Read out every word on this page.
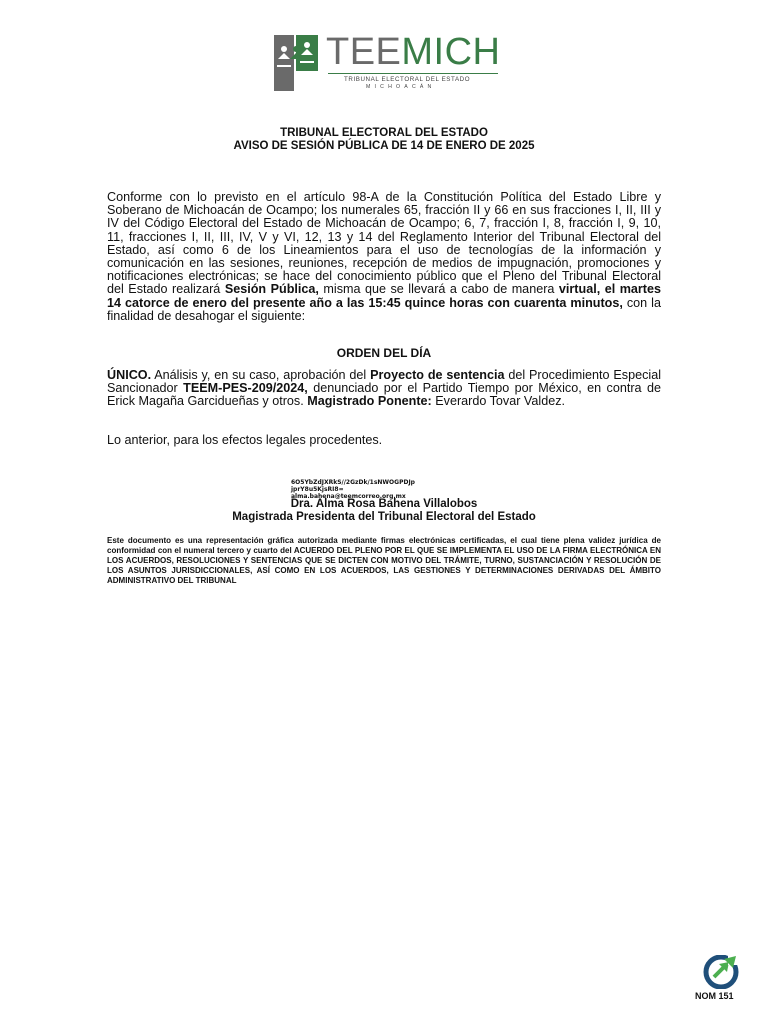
TEEMICH
TRIBUNAL ELECTORAL DEL ESTADO
MICHOACÁN
TRIBUNAL ELECTORAL DEL ESTADO
AVISO DE SESIÓN PÚBLICA DE 14 DE ENERO DE 2025
Conforme con lo previsto en el artículo 98-A de la Constitución Política del Estado Libre y Soberano de Michoacán de Ocampo; los numerales 65, fracción II y 66 en sus fracciones I, II, III y IV del Código Electoral del Estado de Michoacán de Ocampo; 6, 7, fracción I, 8, fracción I, 9, 10, 11, fracciones I, II, III, IV, V y VI, 12, 13 y 14 del Reglamento Interior del Tribunal Electoral del Estado, así como 6 de los Lineamientos para el uso de tecnologías de la información y comunicación en las sesiones, reuniones, recepción de medios de impugnación, promociones y notificaciones electrónicas; se hace del conocimiento público que el Pleno del Tribunal Electoral del Estado realizará Sesión Pública, misma que se llevará a cabo de manera virtual, el martes 14 catorce de enero del presente año a las 15:45 quince horas con cuarenta minutos, con la finalidad de desahogar el siguiente:
ORDEN DEL DÍA
ÚNICO. Análisis y, en su caso, aprobación del Proyecto de sentencia del Procedimiento Especial Sancionador TEEM-PES-209/2024, denunciado por el Partido Tiempo por México, en contra de Erick Magaña Garcidueñas y otros. Magistrado Ponente: Everardo Tovar Valdez.
Lo anterior, para los efectos legales procedentes.
6O5YbZdJXRkS//2GzDk/1sNWOGPDJp
jprY8u5KjsRI8=
alma.bahena@teemcorreo.org.mx
Dra. Alma Rosa Bahena Villalobos
Magistrada Presidenta del Tribunal Electoral del Estado
Este documento es una representación gráfica autorizada mediante firmas electrónicas certificadas, el cual tiene plena validez jurídica de conformidad con el numeral tercero y cuarto del ACUERDO DEL PLENO POR EL QUE SE IMPLEMENTA EL USO DE LA FIRMA ELECTRÓNICA EN LOS ACUERDOS, RESOLUCIONES Y SENTENCIAS QUE SE DICTEN CON MOTIVO DEL TRÁMITE, TURNO, SUSTANCIACIÓN Y RESOLUCIÓN DE LOS ASUNTOS JURISDICCIONALES, ASÍ COMO EN LOS ACUERDOS, LAS GESTIONES Y DETERMINACIONES DERIVADAS DEL ÁMBITO ADMINISTRATIVO DEL TRIBUNAL
NOM 151
